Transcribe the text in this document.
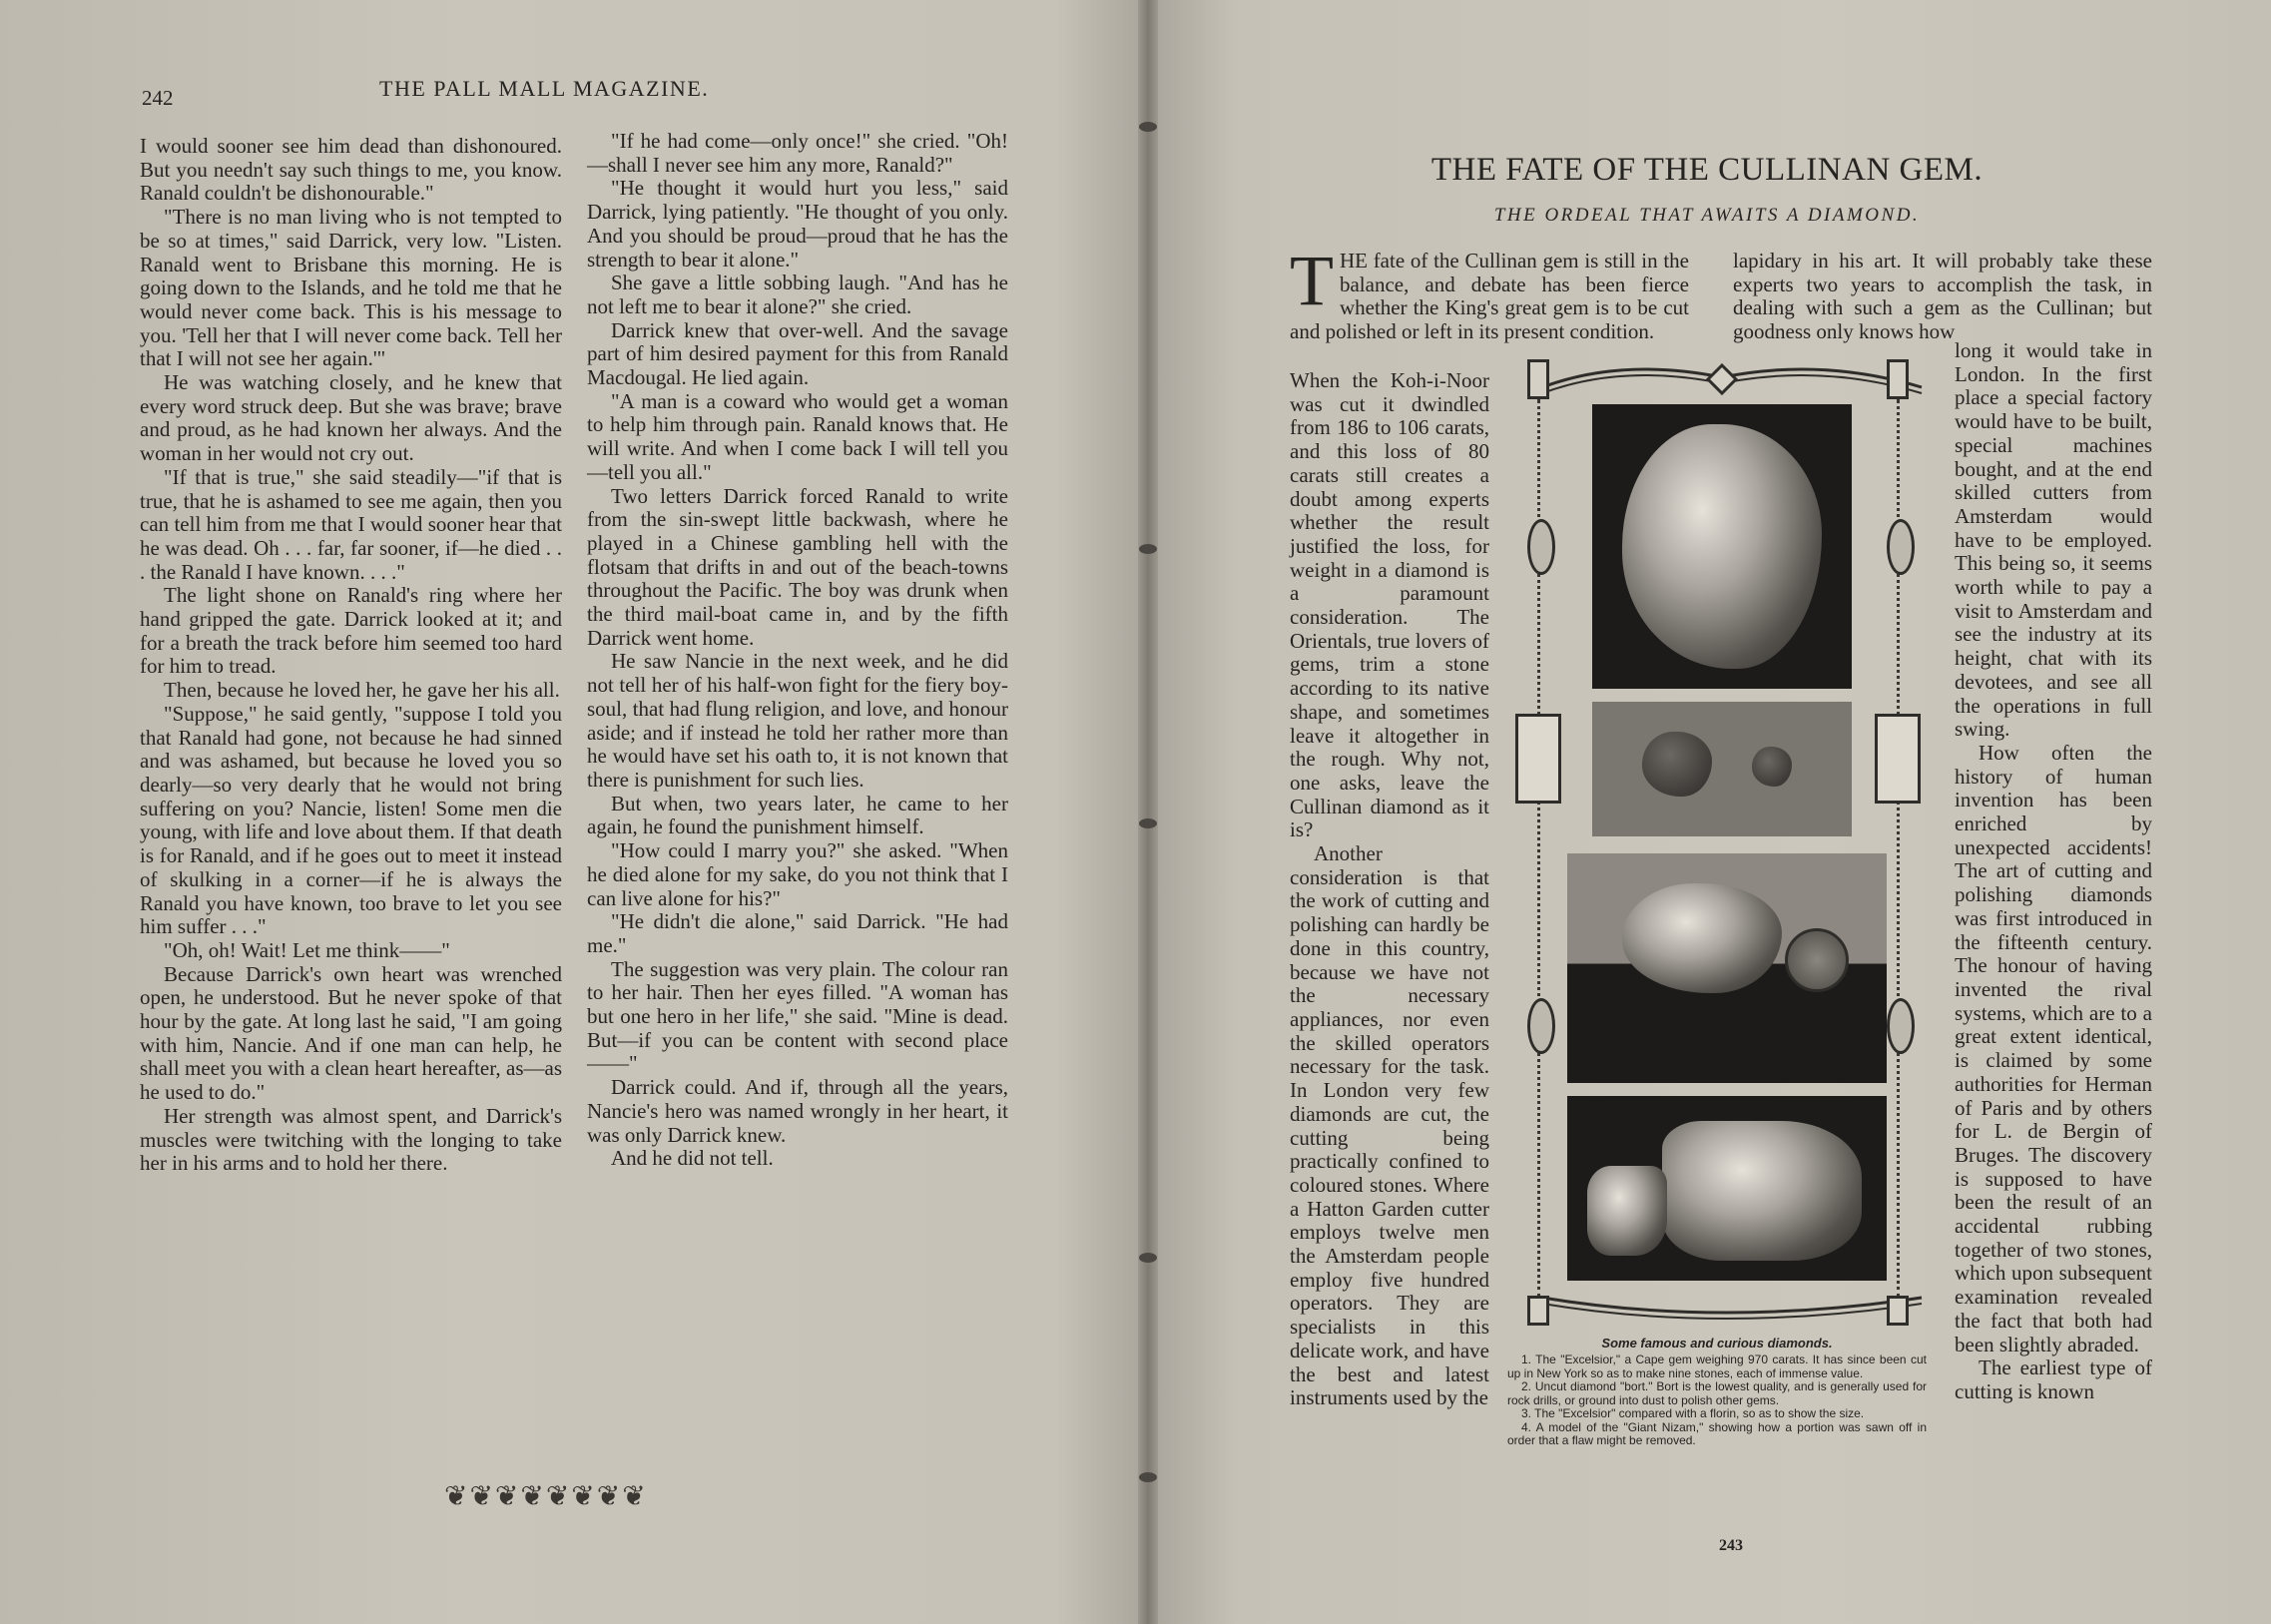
242	THE PALL MALL MAGAZINE.

I would sooner see him dead than dishonoured. But you needn't say such things to me, you know. Ranald couldn't be dishonourable."

"There is no man living who is not tempted to be so at times," said Darrick, very low. "Listen. Ranald went to Brisbane this morning. He is going down to the Islands, and he told me that he would never come back. This is his message to you. 'Tell her that I will never come back. Tell her that I will not see her again.'"

He was watching closely, and he knew that every word struck deep. But she was brave; brave and proud, as he had known her always. And the woman in her would not cry out.

"If that is true," she said steadily—"if that is true, that he is ashamed to see me again, then you can tell him from me that I would sooner hear that he was dead. Oh . . . far, far sooner, if—he died . . . the Ranald I have known. . . ."

The light shone on Ranald's ring where her hand gripped the gate. Darrick looked at it; and for a breath the track before him seemed too hard for him to tread.

Then, because he loved her, he gave her his all.

"Suppose," he said gently, "suppose I told you that Ranald had gone, not because he had sinned and was ashamed, but because he loved you so dearly—so very dearly that he would not bring suffering on you? Nancie, listen! Some men die young, with life and love about them. If that death is for Ranald, and if he goes out to meet it instead of skulking in a corner—if he is always the Ranald you have known, too brave to let you see him suffer . . ."

"Oh, oh! Wait! Let me think——"

Because Darrick's own heart was wrenched open, he understood. But he never spoke of that hour by the gate. At long last he said, "I am going with him, Nancie. And if one man can help, he shall meet you with a clean heart hereafter, as—as he used to do."

Her strength was almost spent, and Darrick's muscles were twitching with the longing to take her in his arms and to hold her there.

"If he had come—only once!" she cried. "Oh!—shall I never see him any more, Ranald?"

"He thought it would hurt you less," said Darrick, lying patiently. "He thought of you only. And you should be proud—proud that he has the strength to bear it alone."

She gave a little sobbing laugh. "And has he not left me to bear it alone?" she cried.

Darrick knew that over-well. And the savage part of him desired payment for this from Ranald Macdougal. He lied again.

"A man is a coward who would get a woman to help him through pain. Ranald knows that. He will write. And when I come back I will tell you—tell you all."

Two letters Darrick forced Ranald to write from the sin-swept little backwash, where he played in a Chinese gambling hell with the flotsam that drifts in and out of the beach-towns throughout the Pacific. The boy was drunk when the third mail-boat came in, and by the fifth Darrick went home.

He saw Nancie in the next week, and he did not tell her of his half-won fight for the fiery boy-soul, that had flung religion, and love, and honour aside; and if instead he told her rather more than he would have set his oath to, it is not known that there is punishment for such lies.

But when, two years later, he came to her again, he found the punishment himself.

"How could I marry you?" she asked. "When he died alone for my sake, do you not think that I can live alone for his?"

"He didn't die alone," said Darrick. "He had me."

The suggestion was very plain. The colour ran to her hair. Then her eyes filled. "A woman has but one hero in her life," she said. "Mine is dead. But—if you can be content with second place——"

Darrick could. And if, through all the years, Nancie's hero was named wrongly in her heart, it was only Darrick knew.

And he did not tell.

❦❦❦❦❦❦❦❦
THE FATE OF THE CULLINAN GEM.
THE ORDEAL THAT AWAITS A DIAMOND.
THE fate of the Cullinan gem is still in the balance, and debate has been fierce whether the King's great gem is to be cut and polished or left in its present condition.

When the Koh-i-Noor was cut it dwindled from 186 to 106 carats, and this loss of 80 carats still creates a doubt among experts whether the result justified the loss, for weight in a diamond is a paramount consideration. The Orientals, true lovers of gems, trim a stone according to its native shape, and sometimes leave it altogether in the rough. Why not, one asks, leave the Cullinan diamond as it is?

Another consideration is that the work of cutting and polishing can hardly be done in this country, because we have not the necessary appliances, nor even the skilled operators necessary for the task. In London very few diamonds are cut, the cutting being practically confined to coloured stones. Where a Hatton Garden cutter employs twelve men the Amsterdam people employ five hundred operators. They are specialists in this delicate work, and have the best and latest instruments used by the

lapidary in his art. It will probably take these experts two years to accomplish the task, in dealing with such a gem as the Cullinan; but goodness only knows how

long it would take in London. In the first place a special factory would have to be built, special machines bought, and at the end skilled cutters from Amsterdam would have to be employed. This being so, it seems worth while to pay a visit to Amsterdam and see the industry at its height, chat with its devotees, and see all the operations in full swing.

How often the history of human invention has been enriched by unexpected accidents! The art of cutting and polishing diamonds was first introduced in the fifteenth century. The honour of having invented the rival systems, which are to a great extent identical, is claimed by some authorities for Herman of Paris and by others for L. de Bergin of Bruges. The discovery is supposed to have been the result of an accidental rubbing together of two stones, which upon subsequent examination revealed the fact that both had been slightly abraded.

The earliest type of cutting is known

Some famous and curious diamonds.
1. The "Excelsior," a Cape gem weighing 970 carats. It has since been cut up in New York so as to make nine stones, each of immense value.
2. Uncut diamond "bort." Bort is the lowest quality, and is generally used for rock drills, or ground into dust to polish other gems.
3. The "Excelsior" compared with a florin, so as to show the size.
4. A model of the "Giant Nizam," showing how a portion was sawn off in order that a flaw might be removed.
243
